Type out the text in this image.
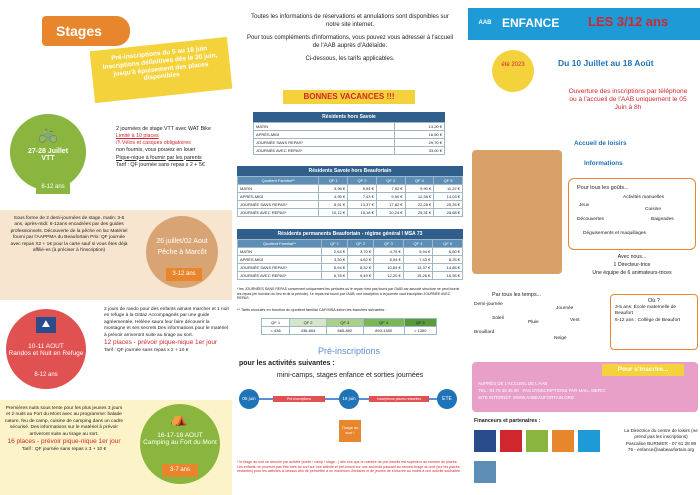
Stages
Pré-inscriptions du 5 au 18 juin Inscriptions définitives dès le 20 juin, jusqu'à épuisement des places disponibles
🚲
27-28 Juillet
VTT
8-12 ans
2 journées de stage VTT avec WAT Bike
Limité à 10 places
/!\ Vélos et casques obligatoires
non fournis, vous pouvez en louer
Pique-nique à fournir par les parents
Tarif : QF journée sans repas x 2 + 5€
Sous forme de 2 demi-journées de stage, matin: 3-5 ans, après-midi: 6-12ans encadrées par des guides professionnels. Découverte de la pêche en lac Matériel fourni par l'AAPPMA du Beaufortain Prix: QF journée avec repas X2 + 1€ pour la carte sauf si vous êtes déjà affilié-es (à préciser à l'inscription)
26 juillet/02 Aout
Pêche à Marcôt
3-12 ans
⛰
10-11 AOUT
Randos et Nuit en Refuge
8-12 ans
2 jours de rando pour des enfants aimant marcher et 1 nuit en refuge à la Gittaz Accompagnés par une guide agréementée, Hélène saura leur faire découvrir la montagne et ses secrets Des informations pour le matériel à prévoir arriveront suite au tirage au sort.
12 places - prévoir pique-nique 1er jour
Tarif : QF journée sans repas x 2 + 10 €
Premières nuits sous tente pour les plus jeunes 3 jours et 2 nuits au Fort du Mont avec au programme: balade nature, feu de camp, cuisine de camping dans un cadre sécurisé. Des informations sur le matériel à prévoir arriveront suite au tirage au sort.
16 places - prévoir pique-nique 1er jour
Tarif : QF journée sans repas x 3 + 10 €
⛺
16-17-18 AOUT
Camping au Fort du Mont
3-7 ans
Toutes les informations de réservations et annulations sont disponibles sur notre site internet.
Pour tous compléments d'informations, vous pouvez vous adresser à l'accueil de l'AAB auprès d'Adélaïde.
Ci-dessous, les tarifs applicables.
BONNES VACANCES !!!
Résidents hors Savoie
MATIN	13,20 €
APRÈS-MIDI	16,50 €
JOURNÉE SANS REPAS*	29,70 €
JOURNÉE AVEC REPAS*	33,00 €
Résidents Savoie hors Beaufortain
Quotient Familial**	QF 1	QF 2	QF 3	QF 4	QF 5
MATIN	3,96 €	5,94 €	7,92 €	9,90 €	11,22 €
APRÈS-MIDI	4,95 €	7,43 €	9,90 €	12,38 €	14,03 €
JOURNÉE SANS REPAS*	8,91 €	13,37 €	17,82 €	22,28 €	25,25 €
JOURNÉE AVEC REPAS*	10,12 €	15,18 €	20,24 €	25,31 €	28,68 €
Résidents permanents Beaufortain - régime général / MSA 73
Quotient Familial**	QF 1	QF 2	QF 3	QF 4	QF 5
MATIN	2,64 €	3,70 €	4,75 €	5,94 €	6,60 €
APRÈS-MIDI	3,30 €	4,62 €	5,94 €	7,43 €	8,25 €
JOURNÉE SANS REPAS*	5,94 €	8,32 €	10,69 €	13,37 €	14,85 €
JOURNÉE AVEC REPAS*	6,78 €	9,49 €	12,20 €	15,26 €	16,95 €
* les JOURNÉES SANS REPAS concernent uniquement les périodes où le repas n'est pas fourni par l'AAB car associé structure ne peut fournir les repas (en fonction du lieu et de la période). Le repas est fourni par l'AAB, une inscription à la journée vaut inscription JOURNÉE AVEC REPAS.
** Tarifs modulés en fonction du quotient familial CAF/MSA selon les tranches suivantes :
QF 1	QF 2	QF 3	QF 4	QF 5
< 436	436-664	665-892	893-1350	> 1350
Pré-inscriptions
pour les activités suivantes :
mini-camps, stages enfance et sorties journées
05 juin	19 juin	ETE
Pré-inscriptions	Inscriptions places restantes
Tirage au sort !
* le tirage au sort se déroule par activité (sortie / camp / stage...) dès lors que le nombre de pré-inscrits est supérieur au nombre de places. Les enfants ne pourront pas être tirés au sort sur une activité et pré-inscrit sur une seconde passant au second tirage au sort (sur les places restantes) pour les activités ci-dessus afin de permettre à un maximum d'enfants et de jeunes de s'inscrire au moins à une activité souhaitée.
AAB ENFANCE LES 3/12 ans
été 2023	Du 10 Juillet au 18 Août
Ouverture des inscriptions par téléphone ou à l'accueil de l'AAB uniquement le 05 Juin à 8h
Accueil de loisirs
Informations
Pour tous les goûts...
Activités manuelles
Jeux
Cuisine
Découvertes	Baignades
Déguisements et maquillages
Avec nous...
1 Directeur-trice
Une équipe de 6 animateurs-trices
Par tous les temps...
Demi-journée
Journée
Soleil
Pluie	Vent
Brouillard
Neige
Où ?
3-5 ans: École maternelle de Beaufort
6-12 ans : Collège de Beaufort
Pour s'inscrire...
AUPRÈS DE L'ACCUEIL DE L'AAB
TEL : 04 79 38 35 90 PAS D'INSCRIPTIONS PAR MAIL, MERCI
SITE INTERNET: WWW.AABEAUFORTAIN.ORG
Financeurs et partenaires :
La Directrice du centre de loisirs (ne prend pas les inscriptions) Pascaline BURNIER - 07 61 28 89 76 - enfance@aabeaufortain.org
